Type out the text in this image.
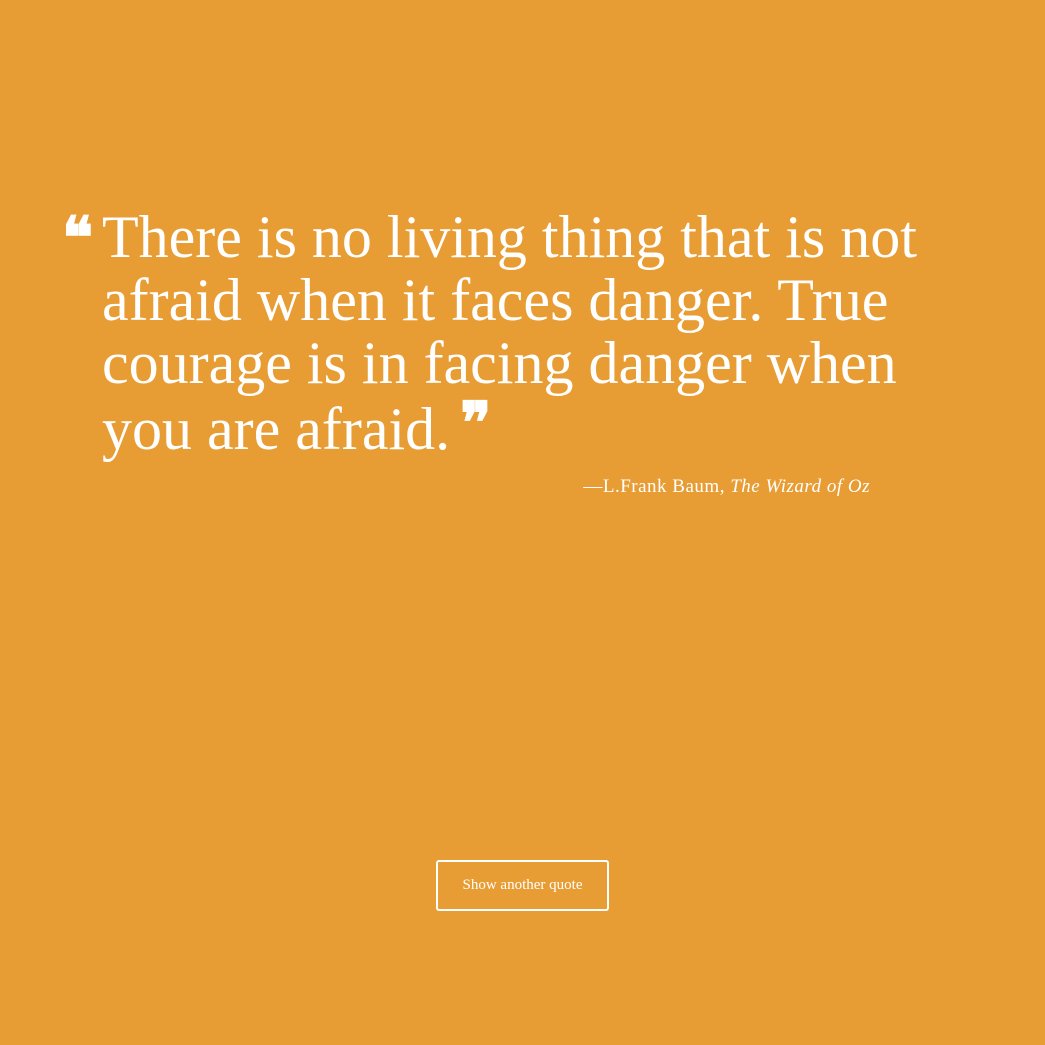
❝ There is no living thing that is not afraid when it faces danger. True courage is in facing danger when you are afraid. ❞

—L.Frank Baum, The Wizard of Oz
Show another quote
